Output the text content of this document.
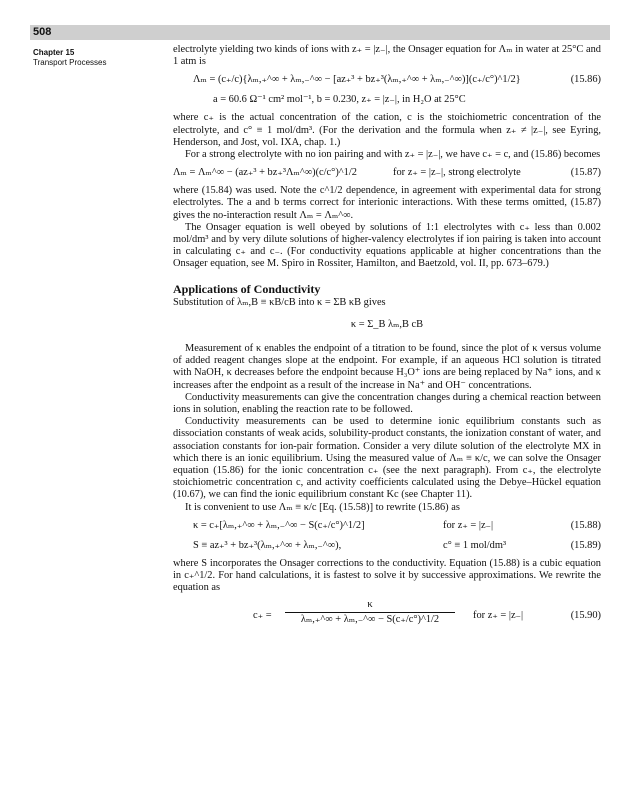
508
Chapter 15
Transport Processes

electrolyte yielding two kinds of ions with z₊ = |z₋|, the Onsager equation for Λₘ in water at 25°C and 1 atm is

Λₘ = (c₊/c){λₘ,₊^∞ + λₘ,₋^∞ − [az₊³ + bz₊³(λₘ,₊^∞ + λₘ,₋^∞)](c₊/c°)^1/2}	(15.86)
a = 60.6 Ω⁻¹ cm² mol⁻¹, b = 0.230, z₊ = |z₋|, in H₂O at 25°C

where c₊ is the actual concentration of the cation, c is the stoichiometric concentration of the electrolyte, and c° ≡ 1 mol/dm³. (For the derivation and the formula when z₊ ≠ |z₋|, see Eyring, Henderson, and Jost, vol. IXA, chap. 1.)

For a strong electrolyte with no ion pairing and with z₊ = |z₋|, we have c₊ = c, and (15.86) becomes

Λₘ = Λₘ^∞ − (az₊³ + bz₊³Λₘ^∞)(c/c°)^1/2	for z₊ = |z₋|, strong electrolyte	(15.87)

where (15.84) was used. Note the c^1/2 dependence, in agreement with experimental data for strong electrolytes. The a and b terms correct for interionic interactions. With these terms omitted, (15.87) gives the no-interaction result Λₘ = Λₘ^∞.

The Onsager equation is well obeyed by solutions of 1:1 electrolytes with c₊ less than 0.002 mol/dm³ and by very dilute solutions of higher-valency electrolytes if ion pairing is taken into account in calculating c₊ and c₋. (For conductivity equations applicable at higher concentrations than the Onsager equation, see M. Spiro in Rossiter, Hamilton, and Baetzold, vol. II, pp. 673–679.)

Applications of Conductivity

Substitution of λₘ,B ≡ κB/cB into κ = ΣB κB gives

κ = Σ_B λₘ,B cB

Measurement of κ enables the endpoint of a titration to be found, since the plot of κ versus volume of added reagent changes slope at the endpoint. For example, if an aqueous HCl solution is titrated with NaOH, κ decreases before the endpoint because H₃O⁺ ions are being replaced by Na⁺ ions, and κ increases after the endpoint as a result of the increase in Na⁺ and OH⁻ concentrations.

Conductivity measurements can give the concentration changes during a chemical reaction between ions in solution, enabling the reaction rate to be followed.

Conductivity measurements can be used to determine ionic equilibrium constants such as dissociation constants of weak acids, solubility-product constants, the ionization constant of water, and association constants for ion-pair formation. Consider a very dilute solution of the electrolyte MX in which there is an ionic equilibrium. Using the measured value of Λₘ ≡ κ/c, we can solve the Onsager equation (15.86) for the ionic concentration c₊ (see the next paragraph). From c₊, the electrolyte stoichiometric concentration c, and activity coefficients calculated using the Debye–Hückel equation (10.67), we can find the ionic equilibrium constant Kc (see Chapter 11).

It is convenient to use Λₘ ≡ κ/c [Eq. (15.58)] to rewrite (15.86) as

κ = c₊[λₘ,₊^∞ + λₘ,₋^∞ − S(c₊/c°)^1/2]	for z₊ = |z₋|	(15.88)
S ≡ az₊³ + bz₊³(λₘ,₊^∞ + λₘ,₋^∞),	c° ≡ 1 mol/dm³	(15.89)

where S incorporates the Onsager corrections to the conductivity. Equation (15.88) is a cubic equation in c₊^1/2. For hand calculations, it is fastest to solve it by successive approximations. We rewrite the equation as

$c_+ = \frac{\kappa}{\text{λₘ,₊\textasciicircum{}∞ + λₘ,₋\textasciicircum{}∞ − S(c₊/c°)\textasciicircum{}1/2}}$ for z₊ = |z₋|	(15.90)
